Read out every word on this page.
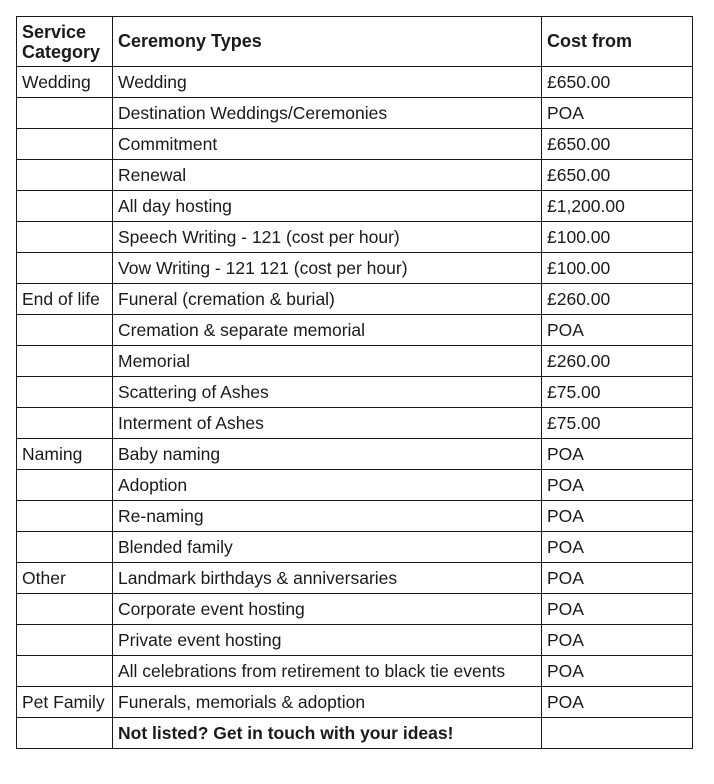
Service Category	Ceremony Types	Cost from
Wedding	Wedding	£650.00
	Destination Weddings/Ceremonies	POA
	Commitment	£650.00
	Renewal	£650.00
	All day hosting	£1,200.00
	Speech Writing - 121 (cost per hour)	£100.00
	Vow Writing - 121 121 (cost per hour)	£100.00
End of life	Funeral (cremation & burial)	£260.00
	Cremation & separate memorial	POA
	Memorial	£260.00
	Scattering of Ashes	£75.00
	Interment of Ashes	£75.00
Naming	Baby naming	POA
	Adoption	POA
	Re-naming	POA
	Blended family	POA
Other	Landmark birthdays & anniversaries	POA
	Corporate event hosting	POA
	Private event hosting	POA
	All celebrations from retirement to black tie events	POA
Pet Family	Funerals, memorials & adoption	POA
	Not listed? Get in touch with your ideas!	
